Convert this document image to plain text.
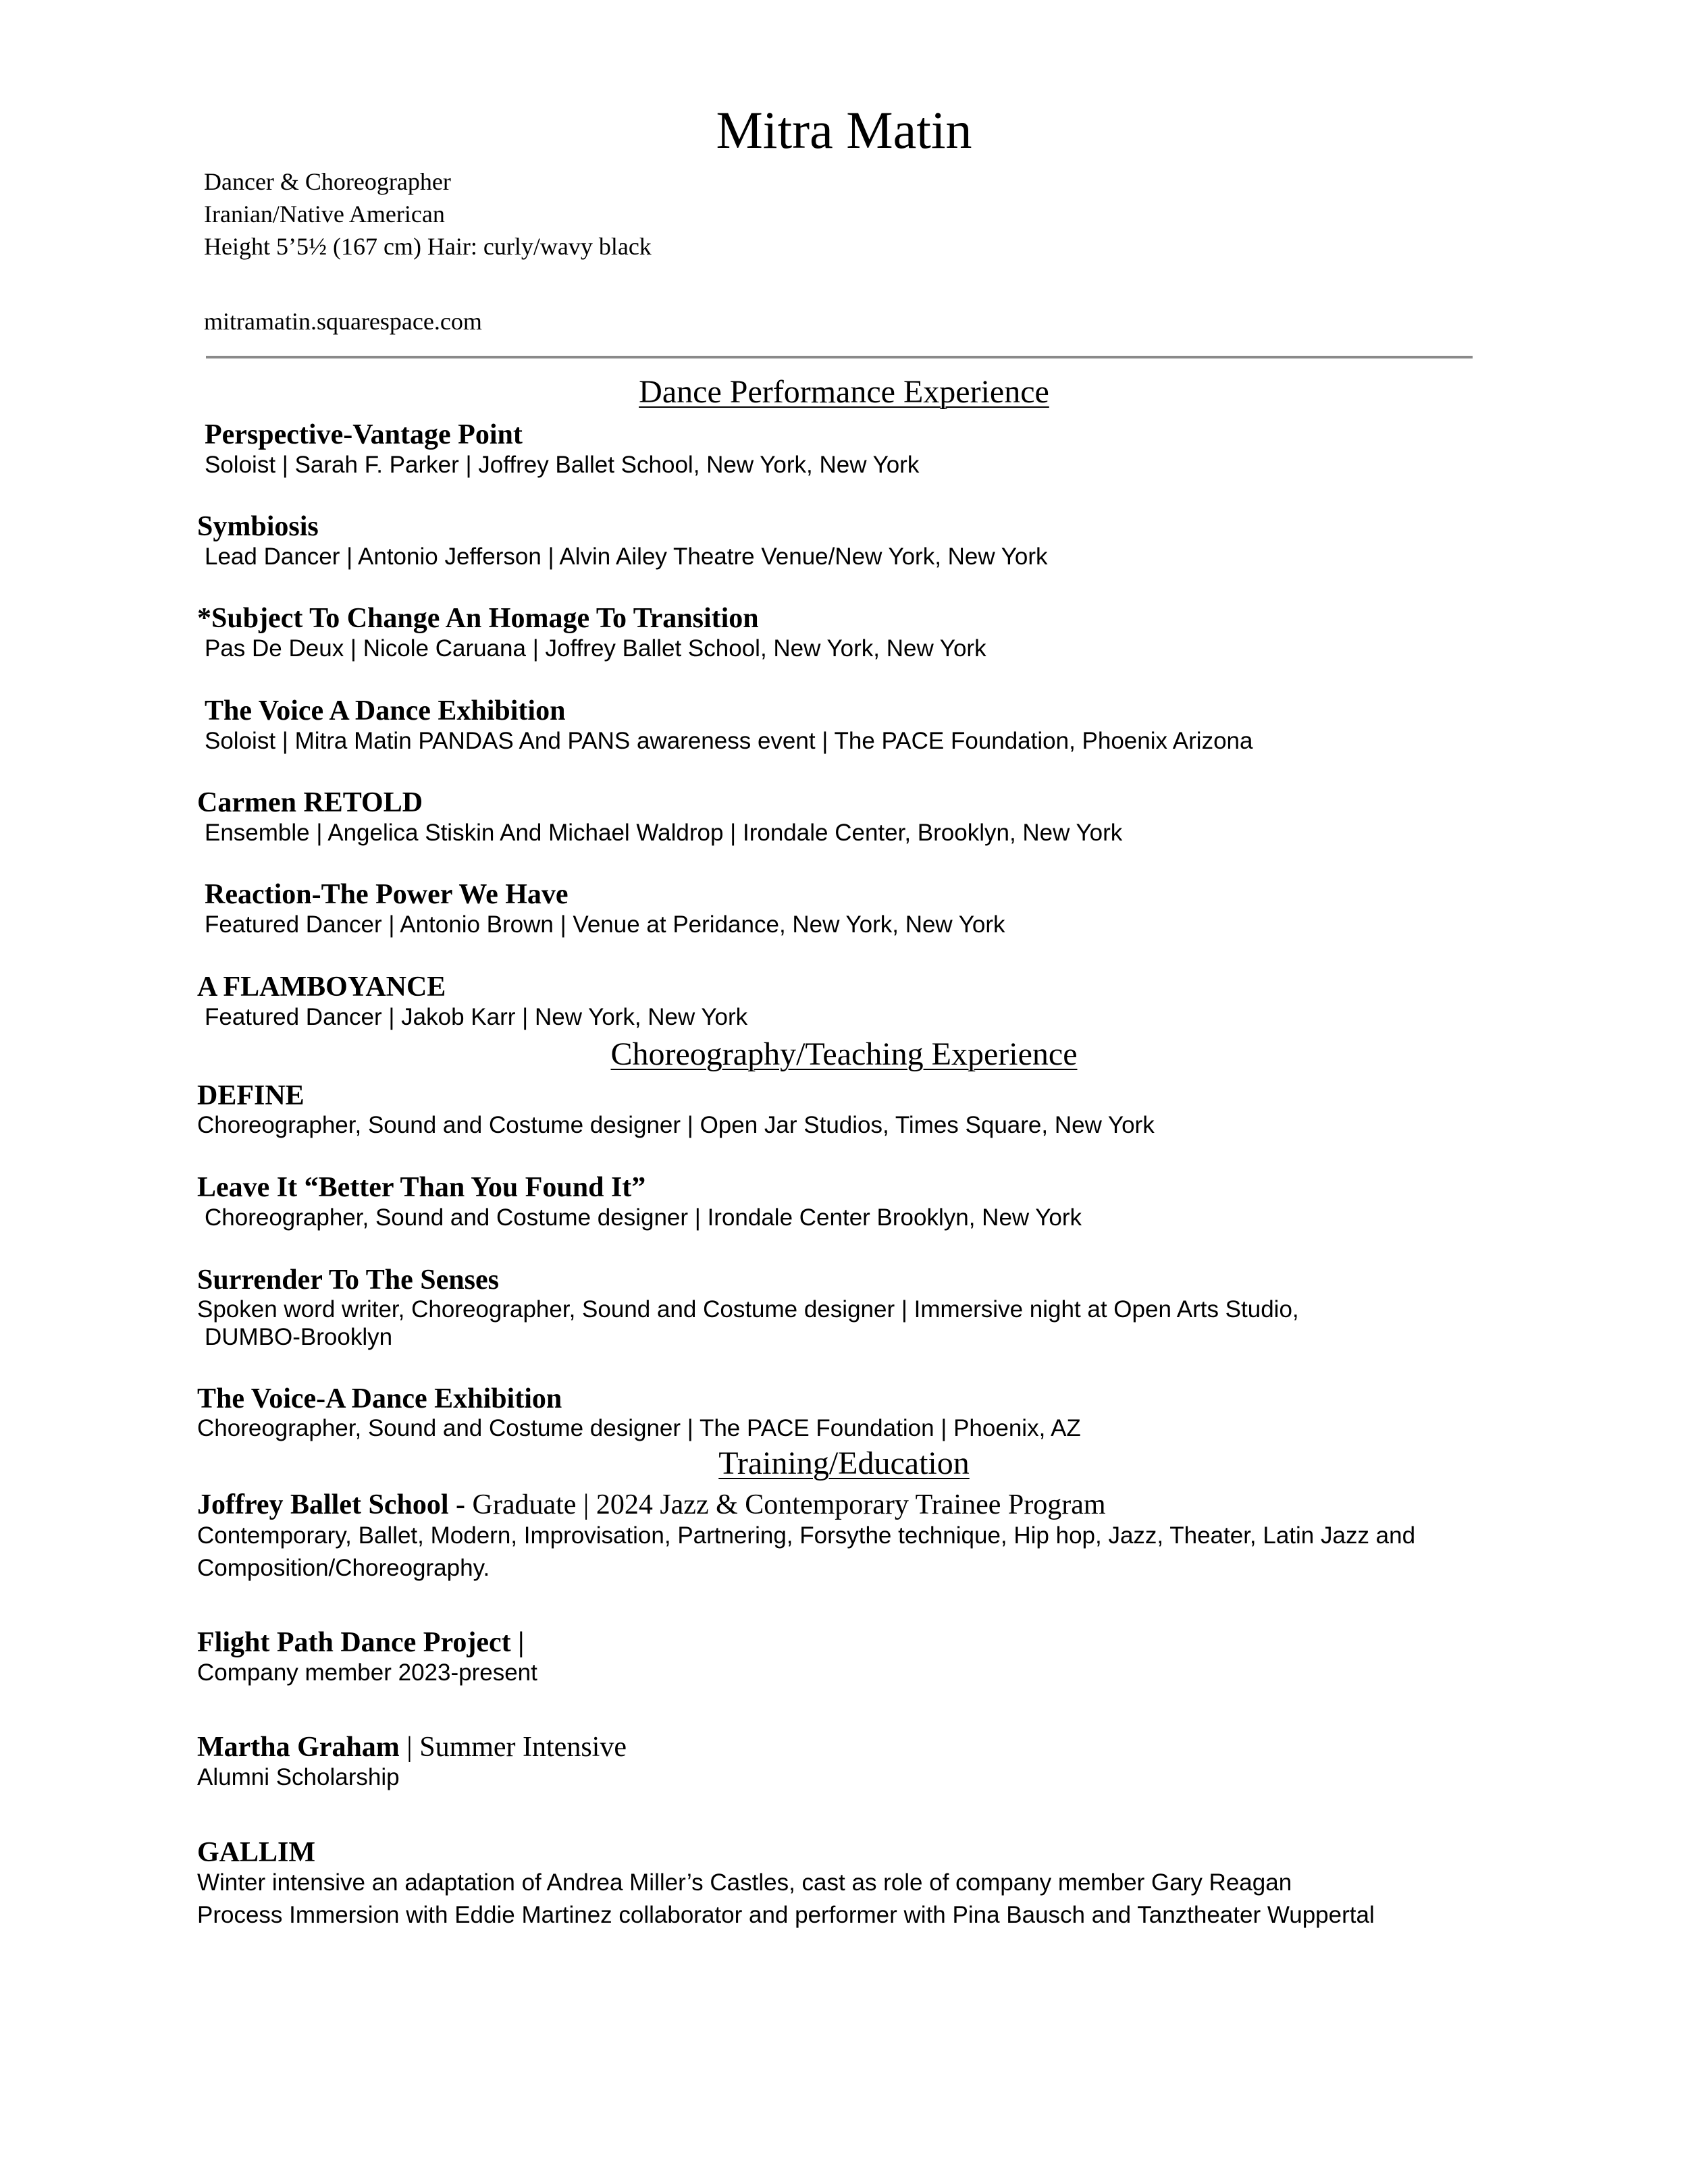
Mitra Matin
Dancer & Choreographer
Iranian/Native American
Height 5’5½ (167 cm) Hair: curly/wavy black
mitramatin.squarespace.com
Dance Performance Experience
Perspective-Vantage Point
Soloist | Sarah F. Parker | Joffrey Ballet School, New York, New York
Symbiosis
Lead Dancer | Antonio Jefferson | Alvin Ailey Theatre Venue/New York, New York
*Subject To Change An Homage To Transition
Pas De Deux | Nicole Caruana | Joffrey Ballet School, New York, New York
The Voice A Dance Exhibition
Soloist | Mitra Matin PANDAS And PANS awareness event | The PACE Foundation, Phoenix Arizona
Carmen RETOLD
Ensemble | Angelica Stiskin And Michael Waldrop | Irondale Center, Brooklyn, New York
Reaction-The Power We Have
Featured Dancer | Antonio Brown | Venue at Peridance, New York, New York
A FLAMBOYANCE
Featured Dancer | Jakob Karr | New York, New York
Choreography/Teaching Experience
DEFINE
Choreographer, Sound and Costume designer | Open Jar Studios, Times Square, New York
Leave It “Better Than You Found It”
Choreographer, Sound and Costume designer | Irondale Center Brooklyn, New York
Surrender To The Senses
Spoken word writer, Choreographer, Sound and Costume designer | Immersive night at Open Arts Studio,
DUMBO-Brooklyn
The Voice-A Dance Exhibition
Choreographer, Sound and Costume designer | The PACE Foundation | Phoenix, AZ
Training/Education
Joffrey Ballet School - Graduate | 2024 Jazz & Contemporary Trainee Program
Contemporary, Ballet, Modern, Improvisation, Partnering, Forsythe technique, Hip hop, Jazz, Theater, Latin Jazz and
Composition/Choreography.
Flight Path Dance Project |
Company member 2023-present
Martha Graham | Summer Intensive
Alumni Scholarship
GALLIM
Winter intensive an adaptation of Andrea Miller’s Castles, cast as role of company member Gary Reagan
Process Immersion with Eddie Martinez collaborator and performer with Pina Bausch and Tanztheater Wuppertal
